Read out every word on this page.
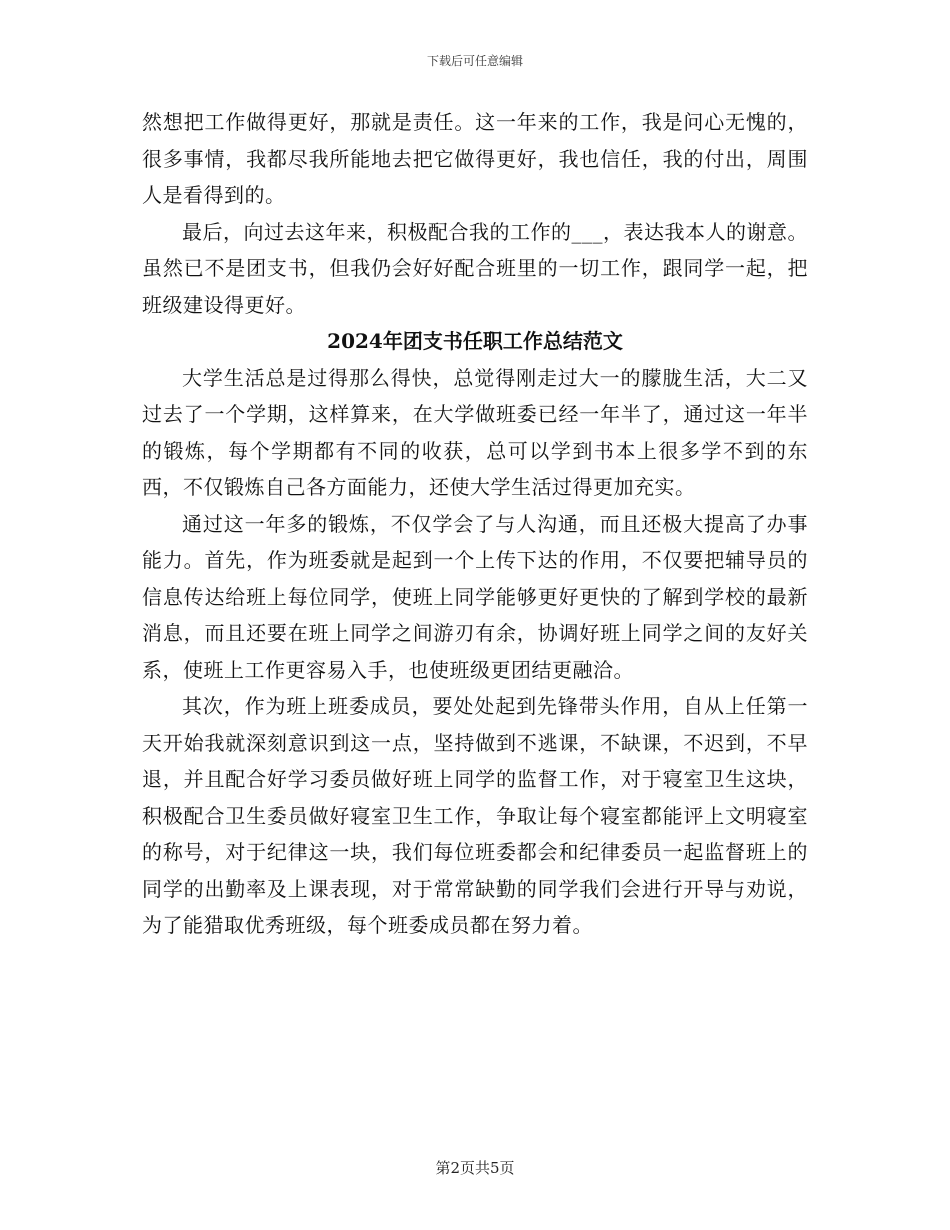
下载后可任意编辑

然想把工作做得更好，那就是责任。这一年来的工作，我是问心无愧的，很多事情，我都尽我所能地去把它做得更好，我也信任，我的付出，周围人是看得到的。

最后，向过去这年来，积极配合我的工作的___，表达我本人的谢意。虽然已不是团支书，但我仍会好好配合班里的一切工作，跟同学一起，把班级建设得更好。

2024年团支书任职工作总结范文

大学生活总是过得那么得快，总觉得刚走过大一的朦胧生活，大二又过去了一个学期，这样算来，在大学做班委已经一年半了，通过这一年半的锻炼，每个学期都有不同的收获，总可以学到书本上很多学不到的东西，不仅锻炼自己各方面能力，还使大学生活过得更加充实。

通过这一年多的锻炼，不仅学会了与人沟通，而且还极大提高了办事能力。首先，作为班委就是起到一个上传下达的作用，不仅要把辅导员的信息传达给班上每位同学，使班上同学能够更好更快的了解到学校的最新消息，而且还要在班上同学之间游刃有余，协调好班上同学之间的友好关系，使班上工作更容易入手，也使班级更团结更融洽。

其次，作为班上班委成员，要处处起到先锋带头作用，自从上任第一天开始我就深刻意识到这一点，坚持做到不逃课，不缺课，不迟到，不早退，并且配合好学习委员做好班上同学的监督工作，对于寝室卫生这块，积极配合卫生委员做好寝室卫生工作，争取让每个寝室都能评上文明寝室的称号，对于纪律这一块，我们每位班委都会和纪律委员一起监督班上的同学的出勤率及上课表现，对于常常缺勤的同学我们会进行开导与劝说，为了能猎取优秀班级，每个班委成员都在努力着。

第2页共5页
